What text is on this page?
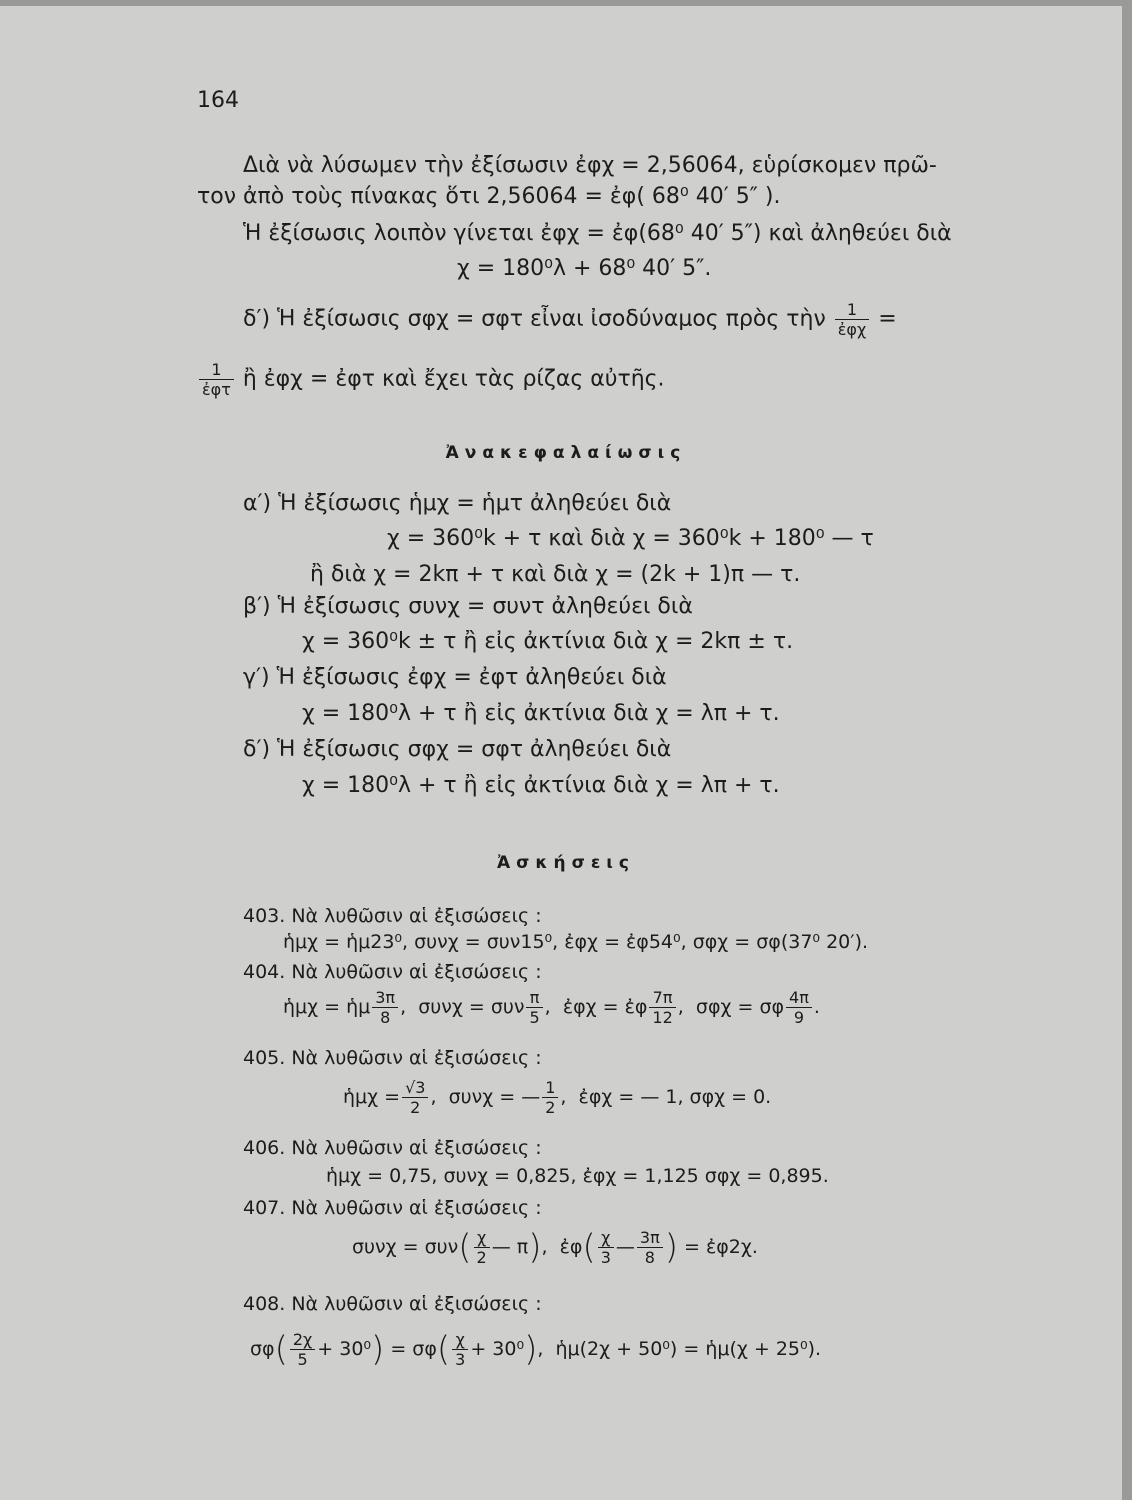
164
Διὰ νὰ λύσωμεν τὴν ἐξίσωσιν ἐφχ = 2,56064, εὑρίσκομεν πρῶ-
τον ἀπὸ τοὺς πίνακας ὅτι 2,56064 = ἐφ( 68⁰ 40′ 5″ ).
Ἡ ἐξίσωσις λοιπὸν γίνεται ἐφχ = ἐφ(68⁰ 40′ 5″) καὶ ἀληθεύει διὰ
χ = 180⁰λ + 68⁰ 40′ 5″.
δ′) Ἡ ἐξίσωσις σφχ = σφτ εἶναι ἰσοδύναμος πρὸς τὴν $\frac{1}{\text{ἐφχ}}$ =
$\frac{1}{\text{ἐφτ}}$ ἢ ἐφχ = ἐφτ καὶ ἔχει τὰς ρίζας αὐτῆς.
Ἀνακεφαλαίωσις
α′) Ἡ ἐξίσωσις ἡμχ = ἡμτ ἀληθεύει διὰ
χ = 360⁰k + τ καὶ διὰ χ = 360⁰k + 180⁰ — τ
ἢ διὰ χ = 2kπ + τ καὶ διὰ χ = (2k + 1)π — τ.
β′) Ἡ ἐξίσωσις συνχ = συντ ἀληθεύει διὰ
χ = 360⁰k ± τ ἢ εἰς ἀκτίνια διὰ χ = 2kπ ± τ.
γ′) Ἡ ἐξίσωσις ἐφχ = ἐφτ ἀληθεύει διὰ
χ = 180⁰λ + τ ἢ εἰς ἀκτίνια διὰ χ = λπ + τ.
δ′) Ἡ ἐξίσωσις σφχ = σφτ ἀληθεύει διὰ
χ = 180⁰λ + τ ἢ εἰς ἀκτίνια διὰ χ = λπ + τ.
Ἀσκήσεις
403. Νὰ λυθῶσιν αἱ ἐξισώσεις :
ἡμχ = ἡμ23⁰, συνχ = συν15⁰, ἐφχ = ἐφ54⁰, σφχ = σφ(37⁰ 20′).
404. Νὰ λυθῶσιν αἱ ἐξισώσεις :
ἡμχ = ἡμ $\frac{3\pi}{8}$ , συνχ = συν $\frac{\pi}{5}$ , ἐφχ = ἐφ $\frac{7\pi}{12}$ , σφχ = σφ $\frac{4\pi}{9}$ .
405. Νὰ λυθῶσιν αἱ ἐξισώσεις :
ἡμχ = $\frac{√3}{2}$ , συνχ = — $\frac{1}{2}$ , ἐφχ = — 1, σφχ = 0.
406. Νὰ λυθῶσιν αἱ ἐξισώσεις :
ἡμχ = 0,75, συνχ = 0,825, ἐφχ = 1,125 σφχ = 0,895.
407. Νὰ λυθῶσιν αἱ ἐξισώσεις :
$\sigma\upsilon\nu\chi = \sigma\upsilon\nu( \frac{\chi}{2}$ — π), ἐφ( $\frac{\chi}{3}$ — $\frac{3\pi}{8}$ ) = ἐφ2χ.
408. Νὰ λυθῶσιν αἱ ἐξισώσεις :
$\sigma\varphi( \frac{2\chi}{5} + 30^0) = \sigma\varphi( \frac{\chi}{3} + 30^0)$, ἡμ(2χ + 50⁰) = ἡμ(χ + 25⁰).
